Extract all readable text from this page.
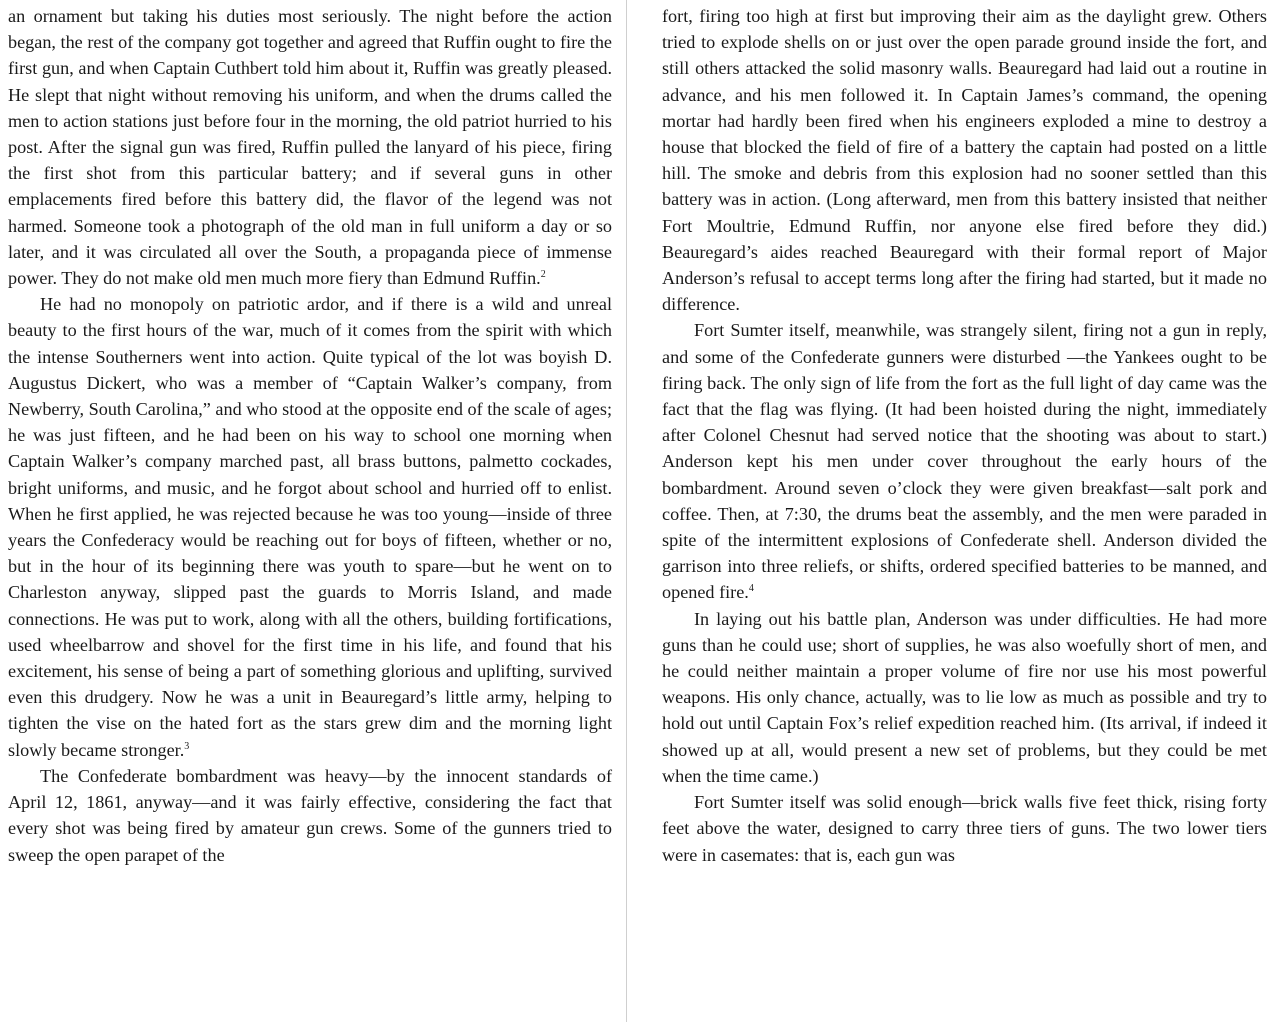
an ornament but taking his duties most seriously. The night before the action began, the rest of the company got together and agreed that Ruffin ought to fire the first gun, and when Captain Cuthbert told him about it, Ruffin was greatly pleased. He slept that night without removing his uniform, and when the drums called the men to action stations just before four in the morning, the old patriot hurried to his post. After the signal gun was fired, Ruffin pulled the lanyard of his piece, firing the first shot from this particular battery; and if several guns in other emplacements fired before this battery did, the flavor of the legend was not harmed. Someone took a photograph of the old man in full uniform a day or so later, and it was circulated all over the South, a propaganda piece of immense power. They do not make old men much more fiery than Edmund Ruffin.$^2$

He had no monopoly on patriotic ardor, and if there is a wild and unreal beauty to the first hours of the war, much of it comes from the spirit with which the intense Southerners went into action. Quite typical of the lot was boyish D. Augustus Dickert, who was a member of “Captain Walker’s company, from Newberry, South Carolina,” and who stood at the opposite end of the scale of ages; he was just fifteen, and he had been on his way to school one morning when Captain Walker’s company marched past, all brass buttons, palmetto cockades, bright uniforms, and music, and he forgot about school and hurried off to enlist. When he first applied, he was rejected because he was too young—inside of three years the Confederacy would be reaching out for boys of fifteen, whether or no, but in the hour of its beginning there was youth to spare—but he went on to Charleston anyway, slipped past the guards to Morris Island, and made connections. He was put to work, along with all the others, building fortifications, used wheelbarrow and shovel for the first time in his life, and found that his excitement, his sense of being a part of something glorious and uplifting, survived even this drudgery. Now he was a unit in Beauregard’s little army, helping to tighten the vise on the hated fort as the stars grew dim and the morning light slowly became stronger.$^3$

The Confederate bombardment was heavy—by the innocent standards of April 12, 1861, anyway—and it was fairly effective, considering the fact that every shot was being fired by amateur gun crews. Some of the gunners tried to sweep the open parapet of the

fort, firing too high at first but improving their aim as the daylight grew. Others tried to explode shells on or just over the open parade ground inside the fort, and still others attacked the solid masonry walls. Beauregard had laid out a routine in advance, and his men followed it. In Captain James’s command, the opening mortar had hardly been fired when his engineers exploded a mine to destroy a house that blocked the field of fire of a battery the captain had posted on a little hill. The smoke and debris from this explosion had no sooner settled than this battery was in action. (Long afterward, men from this battery insisted that neither Fort Moultrie, Edmund Ruffin, nor anyone else fired before they did.) Beauregard’s aides reached Beauregard with their formal report of Major Anderson’s refusal to accept terms long after the firing had started, but it made no difference.

Fort Sumter itself, meanwhile, was strangely silent, firing not a gun in reply, and some of the Confederate gunners were disturbed —the Yankees ought to be firing back. The only sign of life from the fort as the full light of day came was the fact that the flag was flying. (It had been hoisted during the night, immediately after Colonel Chesnut had served notice that the shooting was about to start.) Anderson kept his men under cover throughout the early hours of the bombardment. Around seven o’clock they were given breakfast—salt pork and coffee. Then, at 7:30, the drums beat the assembly, and the men were paraded in spite of the intermittent explosions of Confederate shell. Anderson divided the garrison into three reliefs, or shifts, ordered specified batteries to be manned, and opened fire.$^4$

In laying out his battle plan, Anderson was under difficulties. He had more guns than he could use; short of supplies, he was also woefully short of men, and he could neither maintain a proper volume of fire nor use his most powerful weapons. His only chance, actually, was to lie low as much as possible and try to hold out until Captain Fox’s relief expedition reached him. (Its arrival, if indeed it showed up at all, would present a new set of problems, but they could be met when the time came.)

Fort Sumter itself was solid enough—brick walls five feet thick, rising forty feet above the water, designed to carry three tiers of guns. The two lower tiers were in casemates: that is, each gun was
